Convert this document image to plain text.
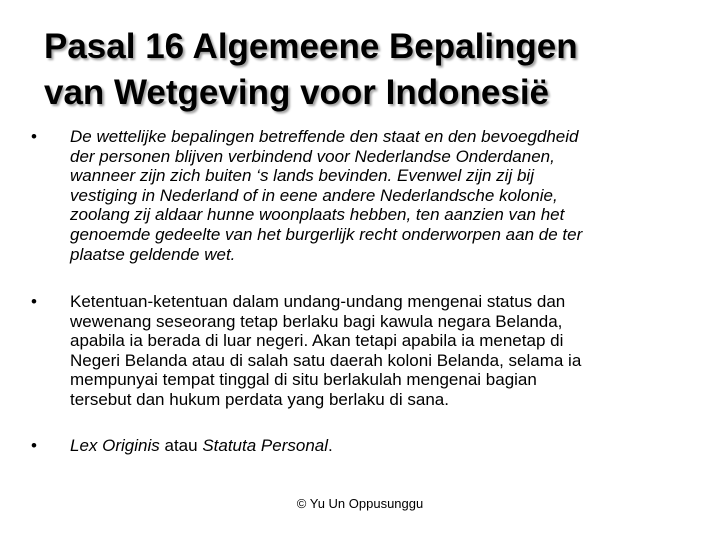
Pasal 16 Algemeene Bepalingen
van Wetgeving voor Indonesië
•	De wettelijke bepalingen betreffende den staat en den bevoegdheid
der personen blijven verbindend voor Nederlandse Onderdanen,
wanneer zijn zich buiten ‘s lands bevinden. Evenwel zijn zij bij
vestiging in Nederland of in eene andere Nederlandsche kolonie,
zoolang zij aldaar hunne woonplaats hebben, ten aanzien van het
genoemde gedeelte van het burgerlijk recht onderworpen aan de ter
plaatse geldende wet.
•	Ketentuan-ketentuan dalam undang-undang mengenai status dan
wewenang seseorang tetap berlaku bagi kawula negara Belanda,
apabila ia berada di luar negeri. Akan tetapi apabila ia menetap di
Negeri Belanda atau di salah satu daerah koloni Belanda, selama ia
mempunyai tempat tinggal di situ berlakulah mengenai bagian
tersebut dan hukum perdata yang berlaku di sana.
•	Lex Originis atau Statuta Personal.
© Yu Un Oppusunggu
